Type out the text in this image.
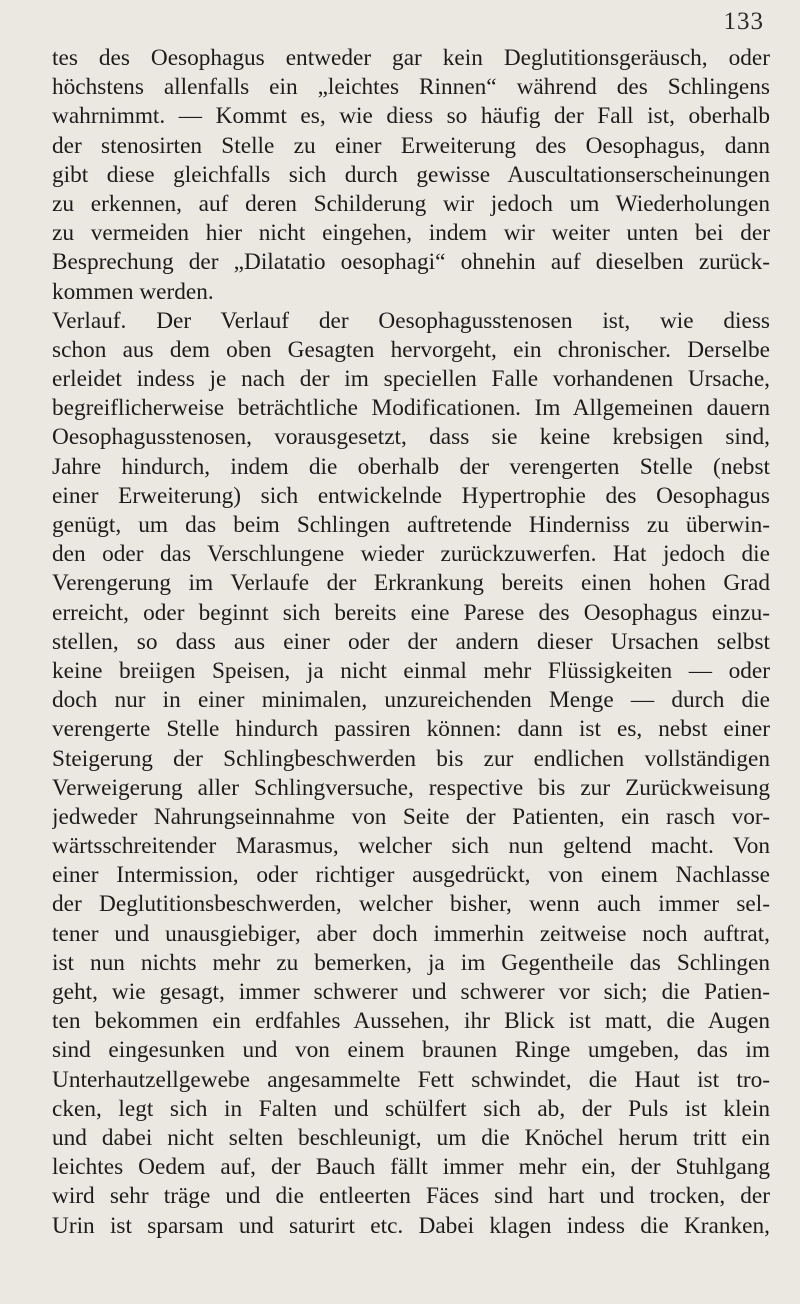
133
tes des Oesophagus entweder gar kein Deglutitionsgeräusch, oder
höchstens allenfalls ein „leichtes Rinnen“ während des Schlingens
wahrnimmt. — Kommt es, wie diess so häufig der Fall ist, oberhalb
der stenosirten Stelle zu einer Erweiterung des Oesophagus, dann
gibt diese gleichfalls sich durch gewisse Auscultationserscheinungen
zu erkennen, auf deren Schilderung wir jedoch um Wiederholungen
zu vermeiden hier nicht eingehen, indem wir weiter unten bei der
Besprechung der „Dilatatio oesophagi“ ohnehin auf dieselben zurück-
kommen werden.
Verlauf. Der Verlauf der Oesophagusstenosen ist, wie diess
schon aus dem oben Gesagten hervorgeht, ein chronischer. Derselbe
erleidet indess je nach der im speciellen Falle vorhandenen Ursache,
begreiflicherweise beträchtliche Modificationen. Im Allgemeinen dauern
Oesophagusstenosen, vorausgesetzt, dass sie keine krebsigen sind,
Jahre hindurch, indem die oberhalb der verengerten Stelle (nebst
einer Erweiterung) sich entwickelnde Hypertrophie des Oesophagus
genügt, um das beim Schlingen auftretende Hinderniss zu überwin-
den oder das Verschlungene wieder zurückzuwerfen. Hat jedoch die
Verengerung im Verlaufe der Erkrankung bereits einen hohen Grad
erreicht, oder beginnt sich bereits eine Parese des Oesophagus einzu-
stellen, so dass aus einer oder der andern dieser Ursachen selbst
keine breiigen Speisen, ja nicht einmal mehr Flüssigkeiten — oder
doch nur in einer minimalen, unzureichenden Menge — durch die
verengerte Stelle hindurch passiren können: dann ist es, nebst einer
Steigerung der Schlingbeschwerden bis zur endlichen vollständigen
Verweigerung aller Schlingversuche, respective bis zur Zurückweisung
jedweder Nahrungseinnahme von Seite der Patienten, ein rasch vor-
wärtsschreitender Marasmus, welcher sich nun geltend macht. Von
einer Intermission, oder richtiger ausgedrückt, von einem Nachlasse
der Deglutitionsbeschwerden, welcher bisher, wenn auch immer sel-
tener und unausgiebiger, aber doch immerhin zeitweise noch auftrat,
ist nun nichts mehr zu bemerken, ja im Gegentheile das Schlingen
geht, wie gesagt, immer schwerer und schwerer vor sich; die Patien-
ten bekommen ein erdfahles Aussehen, ihr Blick ist matt, die Augen
sind eingesunken und von einem braunen Ringe umgeben, das im
Unterhautzellgewebe angesammelte Fett schwindet, die Haut ist tro-
cken, legt sich in Falten und schülfert sich ab, der Puls ist klein
und dabei nicht selten beschleunigt, um die Knöchel herum tritt ein
leichtes Oedem auf, der Bauch fällt immer mehr ein, der Stuhlgang
wird sehr träge und die entleerten Fäces sind hart und trocken, der
Urin ist sparsam und saturirt etc. Dabei klagen indess die Kranken,
